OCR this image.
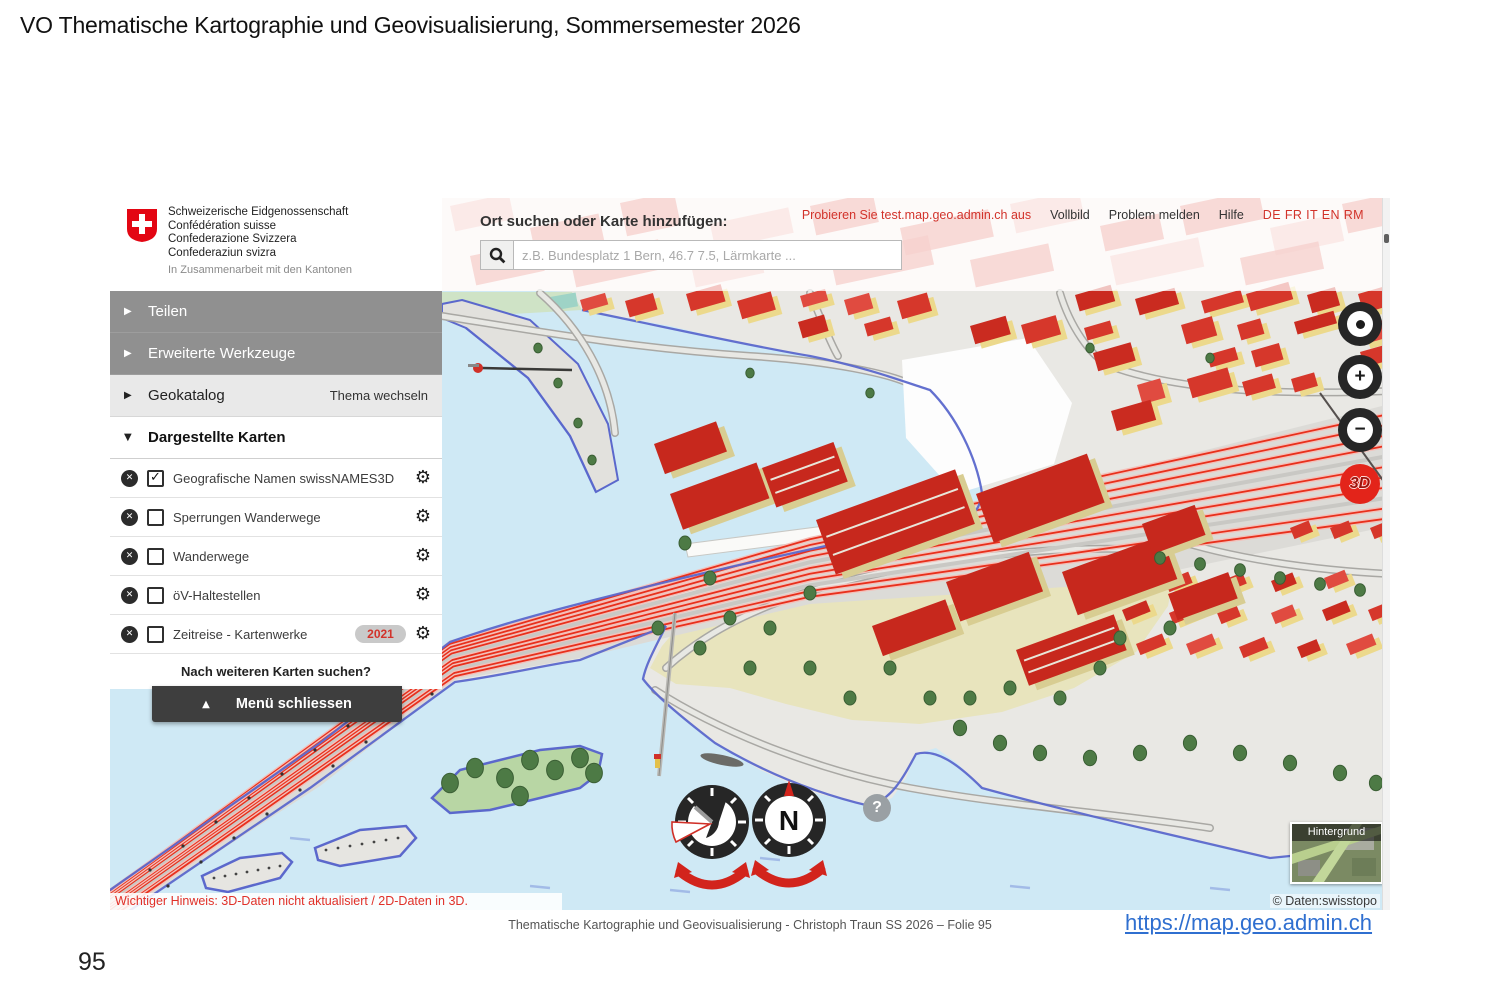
VO Thematische Kartographie und Geovisualisierung, Sommersemester 2026
Schweizerische Eidgenossenschaft
Confédération suisse
Confederazione Svizzera
Confederaziun svizra
In Zusammenarbeit mit den Kantonen
Ort suchen oder Karte hinzufügen:
z.B. Bundesplatz 1 Bern, 46.7 7.5, Lärmkarte ...	Probieren Sie test.map.geo.admin.ch aus Vollbild Problem melden Hilfe DE FR IT EN RM
▶	Teilen
▶	Erweiterte Werkzeuge
▶	Geokatalog	Thema wechseln
▼	Dargestellte Karten
✕	✓ Geografische Namen swissNAMES3D ⚙
✕	Sperrungen Wanderwege	⚙
✕	Wanderwege	⚙
✕	öV-Haltestellen	⚙
✕	Zeitreise - Kartenwerke	2021	⚙
Nach weiteren Karten suchen?
▲ Menü schliessen
+
−
3D
N	?
Hintergrund
© Daten:swisstopo
Wichtiger Hinweis: 3D-Daten nicht aktualisiert / 2D-Daten in 3D.
Thematische Kartographie und Geovisualisierung - Christoph Traun SS 2026 – Folie 95	https://map.geo.admin.ch
95
